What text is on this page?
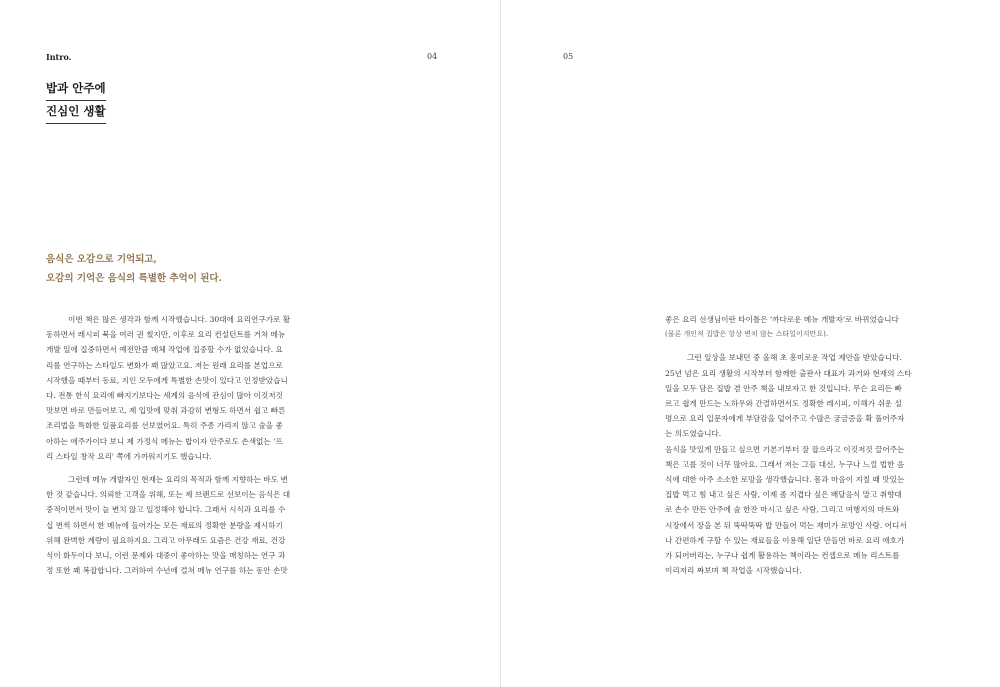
Intro.	04
밥과 안주에
진심인 생활
음식은 오감으로 기억되고,
오감의 기억은 음식의 특별한 추억이 된다.

이번 책은 많은 생각과 함께 시작했습니다. 30대에 요리연구가로 활

동하면서 레시피 북을 여러 권 썼지만, 이후로 요리 컨설턴트를 거쳐 메뉴

개발 일에 집중하면서 예전만큼 매체 작업에 집중할 수가 없었습니다. 요

리를 연구하는 스타일도 변화가 꽤 많았고요. 저는 원래 요리를 본업으로

시작했을 때부터 동료, 지인 모두에게 특별한 손맛이 있다고 인정받았습니

다. 전통 한식 요리에 빠지기보다는 세계의 음식에 관심이 많아 이것저것

맛보면 바로 만들어보고, 제 입맛에 맞춰 과감히 변형도 하면서 쉽고 빠른

조리법을 특화한 일품요리를 선보였어요. 특히 주종 가리지 않고 술을 좋

아하는 애주가이다 보니 제 가정식 메뉴는 밥이자 안주로도 손색없는 '프

리 스타일 창작 요리' 쪽에 가까워지기도 했습니다.

그런데 메뉴 개발자인 현재는 요리의 목적과 함께 지향하는 바도 변

한 것 같습니다. 의뢰한 고객을 위해, 또는 제 브랜드로 선보이는 음식은 대

중적이면서 맛이 늘 변치 않고 일정해야 합니다. 그래서 시식과 요리를 수

십 번씩 하면서 한 메뉴에 들어가는 모든 재료의 정확한 분량을 제시하기

위해 완벽한 계량이 필요하지요. 그리고 아무래도 요즘은 건강 재료, 건강

식이 화두이다 보니, 이런 문제와 대중이 좋아하는 맛을 매칭하는 연구 과

정 또한 꽤 복잡합니다. 그러하여 수년에 걸쳐 메뉴 연구를 하는 동안 손맛

05

좋은 요리 선생님이란 타이틀은 '까다로운 메뉴 개발자'로 바뀌었습니다

(물론 개인적 집밥은 항상 변치 않는 스타일이지만요).

그런 일상을 보내던 중 올해 초 흥미로운 작업 제안을 받았습니다.

25년 넘은 요리 생활의 시작부터 함께한 출판사 대표가 과거와 현재의 스타

일을 모두 담은 집밥 겸 안주 책을 내보자고 한 것입니다. 무슨 요리든 빠

르고 쉽게 만드는 노하우와 간결하면서도 정확한 레시피, 이해가 쉬운 설

명으로 요리 입문자에게 부담감을 덜어주고 수많은 궁금증을 확 풀어주자

는 의도였습니다.

음식을 맛있게 만들고 싶으면 기본기부터 잘 잡으라고 이것저것 끌어주는

책은 고를 것이 너무 많아요. 그래서 저는 그들 대신, 누구나 느낄 법한 음

식에 대한 아주 소소한 로망을 생각했습니다. 몸과 마음이 지칠 때 맛있는

집밥 먹고 힘 내고 싶은 사람, 이제 좀 지겹다 싶은 배달음식 말고 취향대

로 손수 만든 안주에 술 한잔 마시고 싶은 사람, 그리고 여행지의 마트와

시장에서 장을 본 뒤 뚝딱뚝딱 밥 만들어 먹는 재미가 로망인 사람. 어디서

나 간편하게 구할 수 있는 재료들을 이용해 일단 만들면 바로 요리 애호가

가 되어버리는, 누구나 쉽게 활용하는 책이라는 컨셉으로 메뉴 리스트를

이리저리 짜보며 책 작업을 시작했습니다.
